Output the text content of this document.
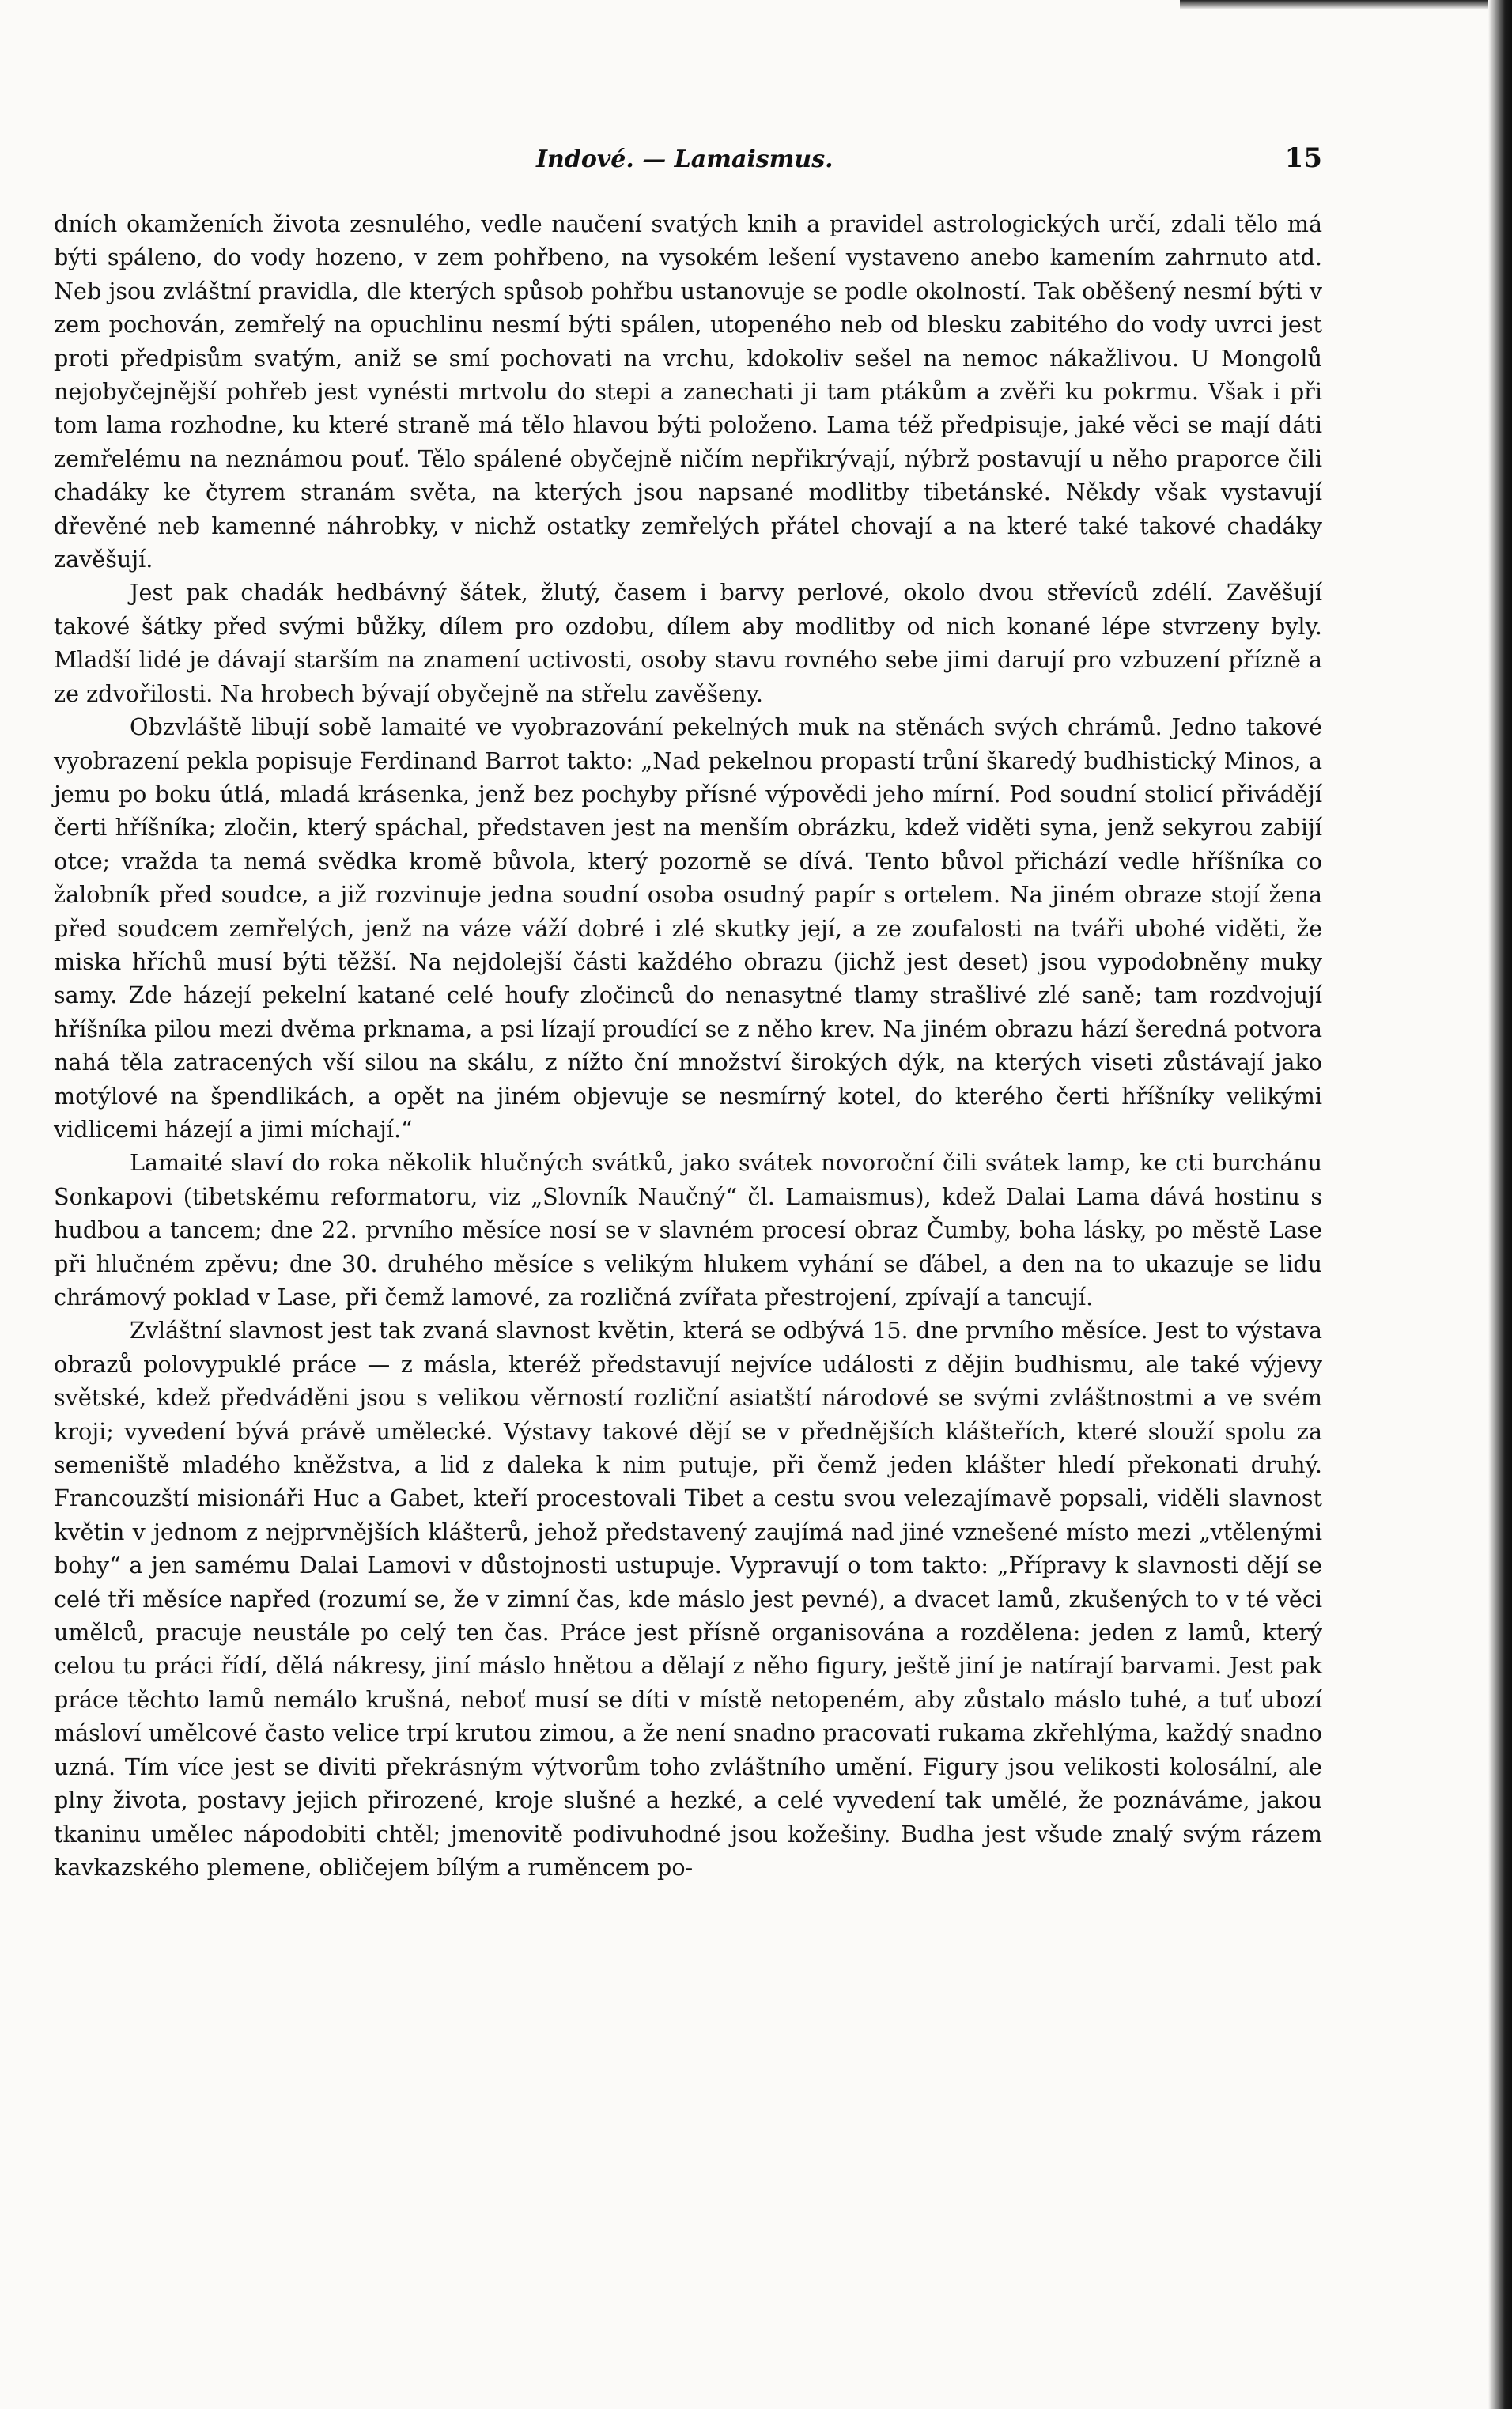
Indové. — Lamaismus.	15

dních okamženích života zesnulého, vedle naučení svatých knih a pravidel astrologických určí, zdali tělo má býti spáleno, do vody hozeno, v zem pohřbeno, na vysokém lešení vystaveno anebo kamením zahrnuto atd. Neb jsou zvláštní pravidla, dle kterých spůsob pohřbu ustanovuje se podle okolností. Tak oběšený nesmí býti v zem pochován, zemřelý na opuchlinu nesmí býti spálen, utopeného neb od blesku zabitého do vody uvrci jest proti předpisům svatým, aniž se smí pochovati na vrchu, kdokoliv sešel na nemoc nákažlivou. U Mongolů nejobyčejnější pohřeb jest vynésti mrtvolu do stepi a zanechati ji tam ptákům a zvěři ku pokrmu. Však i při tom lama rozhodne, ku které straně má tělo hlavou býti položeno. Lama též předpisuje, jaké věci se mají dáti zemřelému na neznámou pouť. Tělo spálené obyčejně ničím nepřikrývají, nýbrž postavují u něho praporce čili chadáky ke čtyrem stranám světa, na kterých jsou napsané modlitby tibetánské. Někdy však vystavují dřevěné neb kamenné náhrobky, v nichž ostatky zemřelých přátel chovají a na které také takové chadáky zavěšují.

Jest pak chadák hedbávný šátek, žlutý, časem i barvy perlové, okolo dvou střevíců zdélí. Zavěšují takové šátky před svými bůžky, dílem pro ozdobu, dílem aby modlitby od nich konané lépe stvrzeny byly. Mladší lidé je dávají starším na znamení uctivosti, osoby stavu rovného sebe jimi darují pro vzbuzení přízně a ze zdvořilosti. Na hrobech bývají obyčejně na střelu zavěšeny.

Obzvláště libují sobě lamaité ve vyobrazování pekelných muk na stěnách svých chrámů. Jedno takové vyobrazení pekla popisuje Ferdinand Barrot takto: „Nad pekelnou propastí trůní škaredý budhistický Minos, a jemu po boku útlá, mladá krásenka, jenž bez pochyby přísné výpovědi jeho mírní. Pod soudní stolicí přivádějí čerti hříšníka; zločin, který spáchal, představen jest na menším obrázku, kdež viděti syna, jenž sekyrou zabijí otce; vražda ta nemá svědka kromě bůvola, který pozorně se dívá. Tento bůvol přichází vedle hříšníka co žalobník před soudce, a již rozvinuje jedna soudní osoba osudný papír s ortelem. Na jiném obraze stojí žena před soudcem zemřelých, jenž na váze váží dobré i zlé skutky její, a ze zoufalosti na tváři ubohé viděti, že miska hříchů musí býti těžší. Na nejdolejší části každého obrazu (jichž jest deset) jsou vypodobněny muky samy. Zde házejí pekelní katané celé houfy zločinců do nenasytné tlamy strašlivé zlé saně; tam rozdvojují hříšníka pilou mezi dvěma prknama, a psi lízají proudící se z něho krev. Na jiném obrazu hází šeredná potvora nahá těla zatracených vší silou na skálu, z nížto ční množství širokých dýk, na kterých viseti zůstávají jako motýlové na špendlikách, a opět na jiném objevuje se nesmírný kotel, do kterého čerti hříšníky velikými vidlicemi házejí a jimi míchají.“

Lamaité slaví do roka několik hlučných svátků, jako svátek novoroční čili svátek lamp, ke cti burchánu Sonkapovi (tibetskému reformatoru, viz „Slovník Naučný“ čl. Lamaismus), kdež Dalai Lama dává hostinu s hudbou a tancem; dne 22. prvního měsíce nosí se v slavném procesí obraz Čumby, boha lásky, po městě Lase při hlučném zpěvu; dne 30. druhého měsíce s velikým hlukem vyhání se ďábel, a den na to ukazuje se lidu chrámový poklad v Lase, při čemž lamové, za rozličná zvířata přestrojení, zpívají a tancují.

Zvláštní slavnost jest tak zvaná slavnost květin, která se odbývá 15. dne prvního měsíce. Jest to výstava obrazů polovypuklé práce — z másla, kteréž představují nejvíce události z dějin budhismu, ale také výjevy světské, kdež předváděni jsou s velikou věrností rozliční asiatští národové se svými zvláštnostmi a ve svém kroji; vyvedení bývá právě umělecké. Výstavy takové dějí se v přednějších klášteřích, které slouží spolu za semeniště mladého kněžstva, a lid z daleka k nim putuje, při čemž jeden klášter hledí překonati druhý. Francouzští misionáři Huc a Gabet, kteří procestovali Tibet a cestu svou velezajímavě popsali, viděli slavnost květin v jednom z nejprvnějších klášterů, jehož představený zaujímá nad jiné vznešené místo mezi „vtělenými bohy“ a jen samému Dalai Lamovi v důstojnosti ustupuje. Vypravují o tom takto: „Přípravy k slavnosti dějí se celé tři měsíce napřed (rozumí se, že v zimní čas, kde máslo jest pevné), a dvacet lamů, zkušených to v té věci umělců, pracuje neustále po celý ten čas. Práce jest přísně organisována a rozdělena: jeden z lamů, který celou tu práci řídí, dělá nákresy, jiní máslo hnětou a dělají z něho figury, ještě jiní je natírají barvami. Jest pak práce těchto lamů nemálo krušná, neboť musí se díti v místě netopeném, aby zůstalo máslo tuhé, a tuť ubozí másloví umělcové často velice trpí krutou zimou, a že není snadno pracovati rukama zkřehlýma, každý snadno uzná. Tím více jest se diviti překrásným výtvorům toho zvláštního umění. Figury jsou velikosti kolosální, ale plny života, postavy jejich přirozené, kroje slušné a hezké, a celé vyvedení tak umělé, že poznáváme, jakou tkaninu umělec nápodobiti chtěl; jmenovitě podivuhodné jsou kožešiny. Budha jest všude znalý svým rázem kavkazského plemene, obličejem bílým a ruměncem po-
